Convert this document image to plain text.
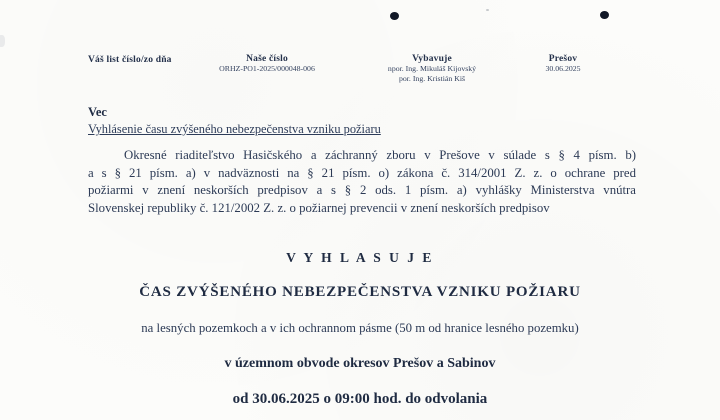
Váš list číslo/zo dňa	Naše číslo
ORHZ-PO1-2025/000048-006
Vybavuje
npor. Ing. Mikuláš Kijovský
por. Ing. Kristián Kiš
Prešov
30.06.2025
Vec
Vyhlásenie času zvýšeného nebezpečenstva vzniku požiaru
Okresné riaditeľstvo Hasičského a záchranný zboru v Prešove v súlade s § 4 písm. b)
a s § 21 písm. a) v nadväznosti na § 21 písm. o) zákona č. 314/2001 Z. z. o ochrane pred
požiarmi v znení neskorších predpisov a s § 2 ods. 1 písm. a) vyhlášky Ministerstva vnútra
Slovenskej republiky č. 121/2002 Z. z. o požiarnej prevencii v znení neskorších predpisov
V Y H L A S U J E
ČAS ZVÝŠENÉHO NEBEZPEČENSTVA VZNIKU POŽIARU
na lesných pozemkoch a v ich ochrannom pásme (50 m od hranice lesného pozemku)
v územnom obvode okresov Prešov a Sabinov
od 30.06.2025 o 09:00 hod. do odvolania
